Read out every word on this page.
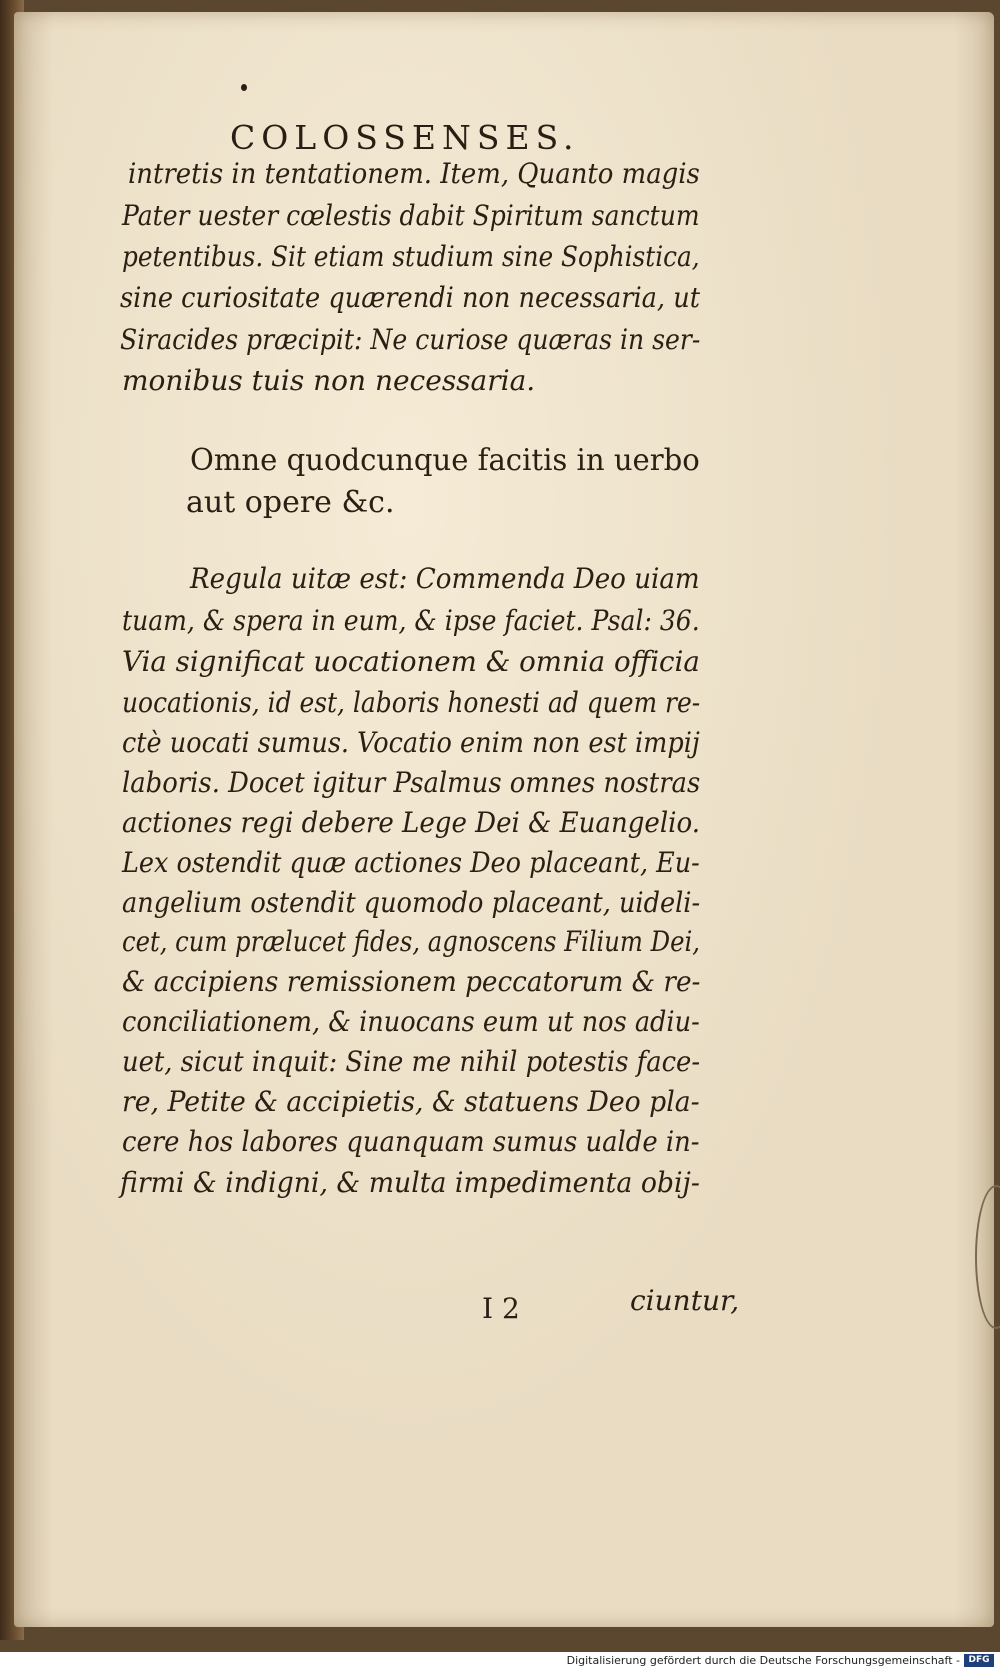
COLOSSENSES.
intretis in tentationem. Item, Quanto magis
Pater uester cœlestis dabit Spiritum sanctum
petentibus. Sit etiam studium sine Sophistica,
sine curiositate quærendi non necessaria, ut
Siracides præcipit: Ne curiose quæras in ser-
monibus tuis non necessaria.
Omne quodcunque facitis in uerbo
aut opere &c.
Regula uitæ est: Commenda Deo uiam
tuam, & spera in eum, & ipse faciet. Psal: 36.
Via significat uocationem & omnia officia
uocationis, id est, laboris honesti ad quem re-
ctè uocati sumus. Vocatio enim non est impij
laboris. Docet igitur Psalmus omnes nostras
actiones regi debere Lege Dei & Euangelio.
Lex ostendit quæ actiones Deo placeant, Eu-
angelium ostendit quomodo placeant, uideli-
cet, cum prælucet fides, agnoscens Filium Dei,
& accipiens remissionem peccatorum & re-
conciliationem, & inuocans eum ut nos adiu-
uet, sicut inquit: Sine me nihil potestis face-
re, Petite & accipietis, & statuens Deo pla-
cere hos labores quanquam sumus ualde in-
firmi & indigni, & multa impedimenta obij-
I 2	ciuntur,
Digitalisierung gefördert durch die Deutsche Forschungsgemeinschaft - DFG
